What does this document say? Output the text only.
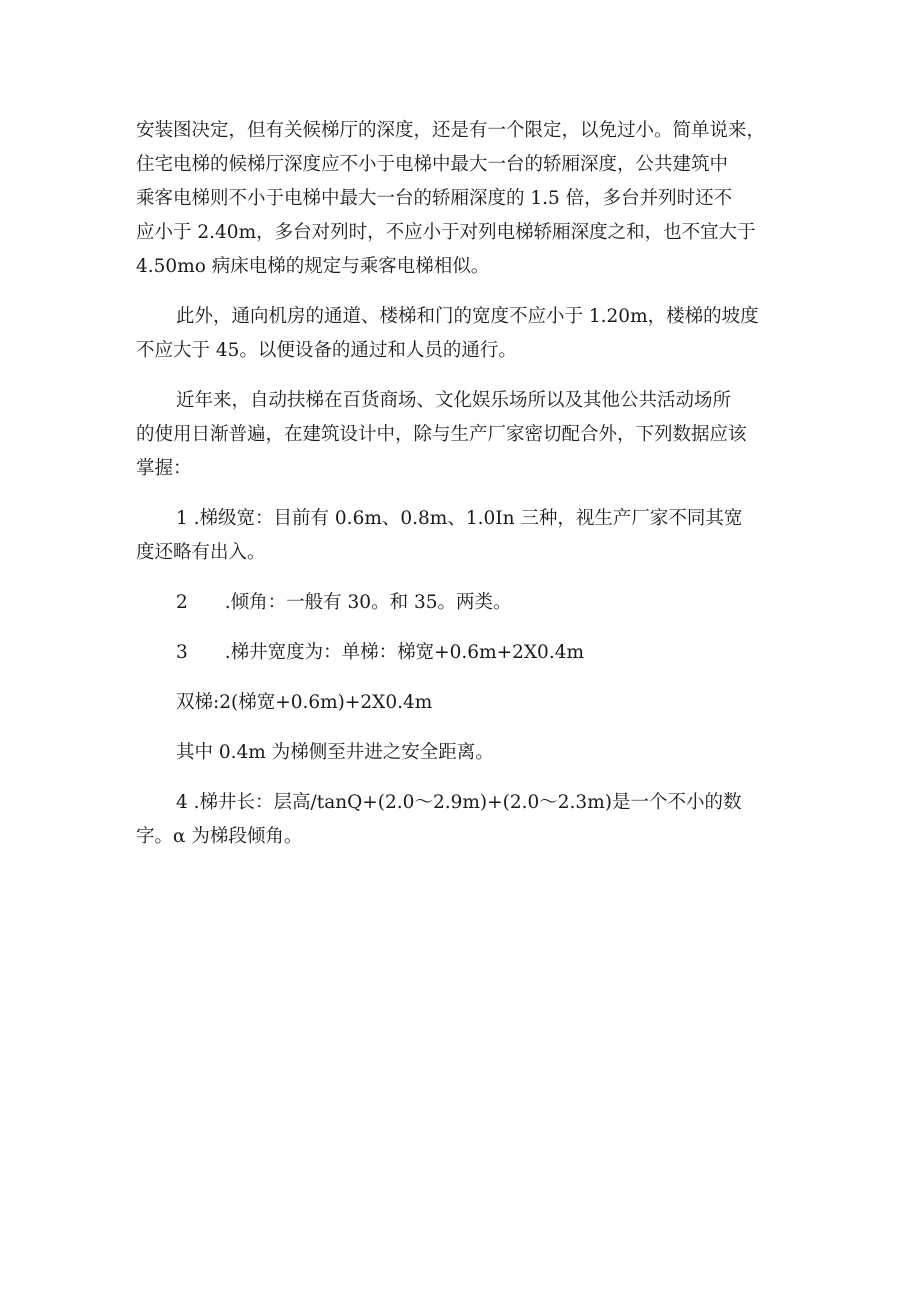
安装图决定，但有关候梯厅的深度，还是有一个限定，以免过小。简单说来，

住宅电梯的候梯厅深度应不小于电梯中最大一台的轿厢深度，公共建筑中

乘客电梯则不小于电梯中最大一台的轿厢深度的 1.5 倍，多台并列时还不

应小于 2.40m，多台对列时，不应小于对列电梯轿厢深度之和，也不宜大于

4.50mo 病床电梯的规定与乘客电梯相似。

此外，通向机房的通道、楼梯和门的宽度不应小于 1.20m，楼梯的坡度

不应大于 45。以便设备的通过和人员的通行。

近年来，自动扶梯在百货商场、文化娱乐场所以及其他公共活动场所

的使用日渐普遍，在建筑设计中，除与生产厂家密切配合外，下列数据应该

掌握：

1 .梯级宽：目前有 0.6m、0.8m、1.0In 三种，视生产厂家不同其宽

度还略有出入。

2　　.倾角：一般有 30。和 35。两类。

3　　.梯井宽度为：单梯：梯宽+0.6m+2X0.4m

双梯:2(梯宽+0.6m)+2X0.4m

其中 0.4m 为梯侧至井进之安全距离。

4 .梯井长：层高/tanQ+(2.0～2.9m)+(2.0～2.3m)是一个不小的数

字。α 为梯段倾角。
